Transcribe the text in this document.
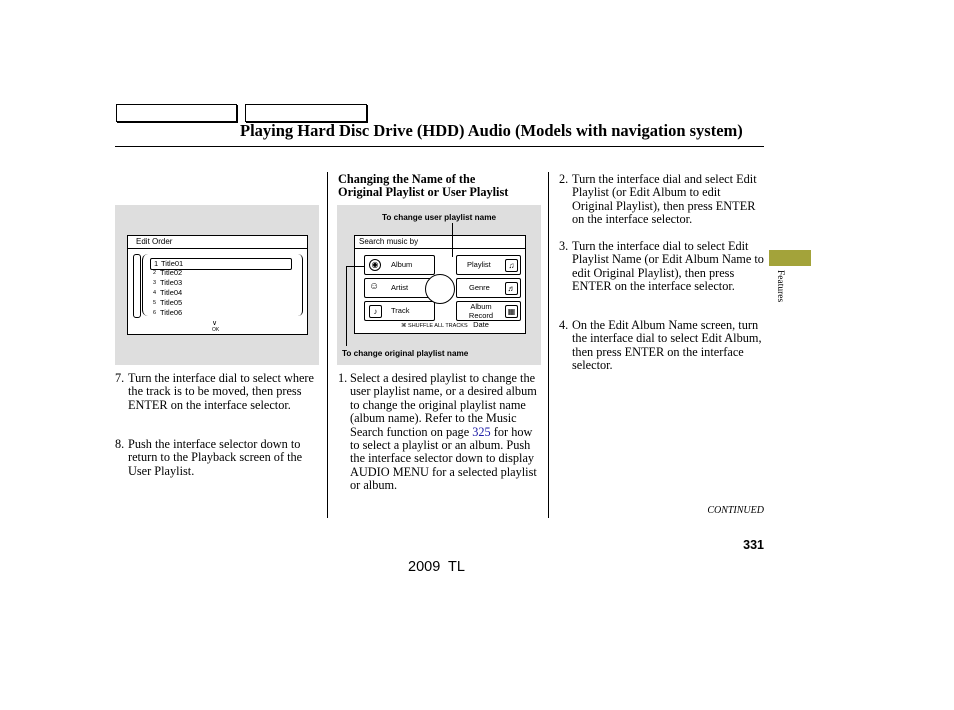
Playing Hard Disc Drive (HDD) Audio (Models with navigation system)
Features
Edit Order
1 Title01
2 Title02
3 Title03
4 Title04
5 Title05
6 Title06
∨
OK
7. Turn the interface dial to select where the track is to be moved, then press ENTER on the interface selector.
8. Push the interface selector down to return to the Playback screen of the User Playlist.
Changing the Name of the
Original Playlist or User Playlist
To change user playlist name
To change original playlist name
Search music by
◉	Album	Playlist	♫
☺ Artist	Genre	♬
♪	Track	Album Record
Date
▦
⌘ SHUFFLE ALL TRACKS
1. Select a desired playlist to change the user playlist name, or a desired album to change the original playlist name (album name). Refer to the Music Search function on page 325 for how to select a playlist or an album. Push the interface selector down to display AUDIO MENU for a selected playlist or album.
2. Turn the interface dial and select Edit Playlist (or Edit Album to edit Original Playlist), then press ENTER on the interface selector.
3. Turn the interface dial to select Edit Playlist Name (or Edit Album Name to edit Original Playlist), then press ENTER on the interface selector.
4. On the Edit Album Name screen, turn the interface dial to select Edit Album, then press ENTER on the interface selector.
CONTINUED
331
2009  TL
